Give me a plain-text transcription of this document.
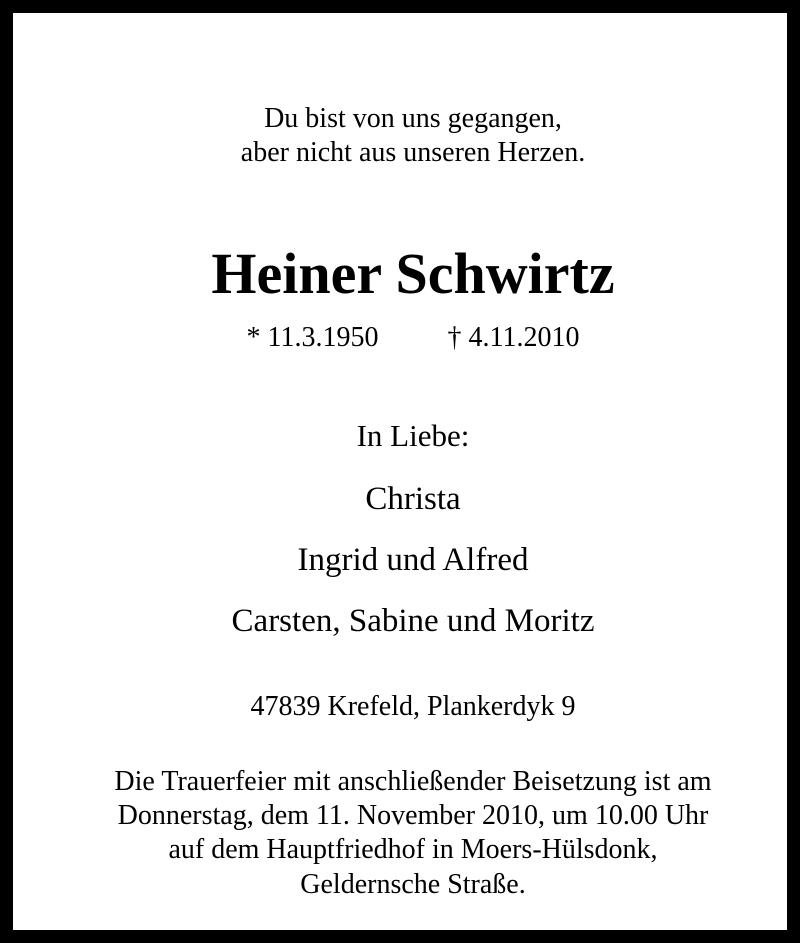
Du bist von uns gegangen,
aber nicht aus unseren Herzen.
Heiner Schwirtz
* 11.3.1950 † 4.11.2010
In Liebe:
Christa
Ingrid und Alfred
Carsten, Sabine und Moritz
47839 Krefeld, Plankerdyk 9
Die Trauerfeier mit anschließender Beisetzung ist am
Donnerstag, dem 11. November 2010, um 10.00 Uhr
auf dem Hauptfriedhof in Moers-Hülsdonk,
Geldernsche Straße.
